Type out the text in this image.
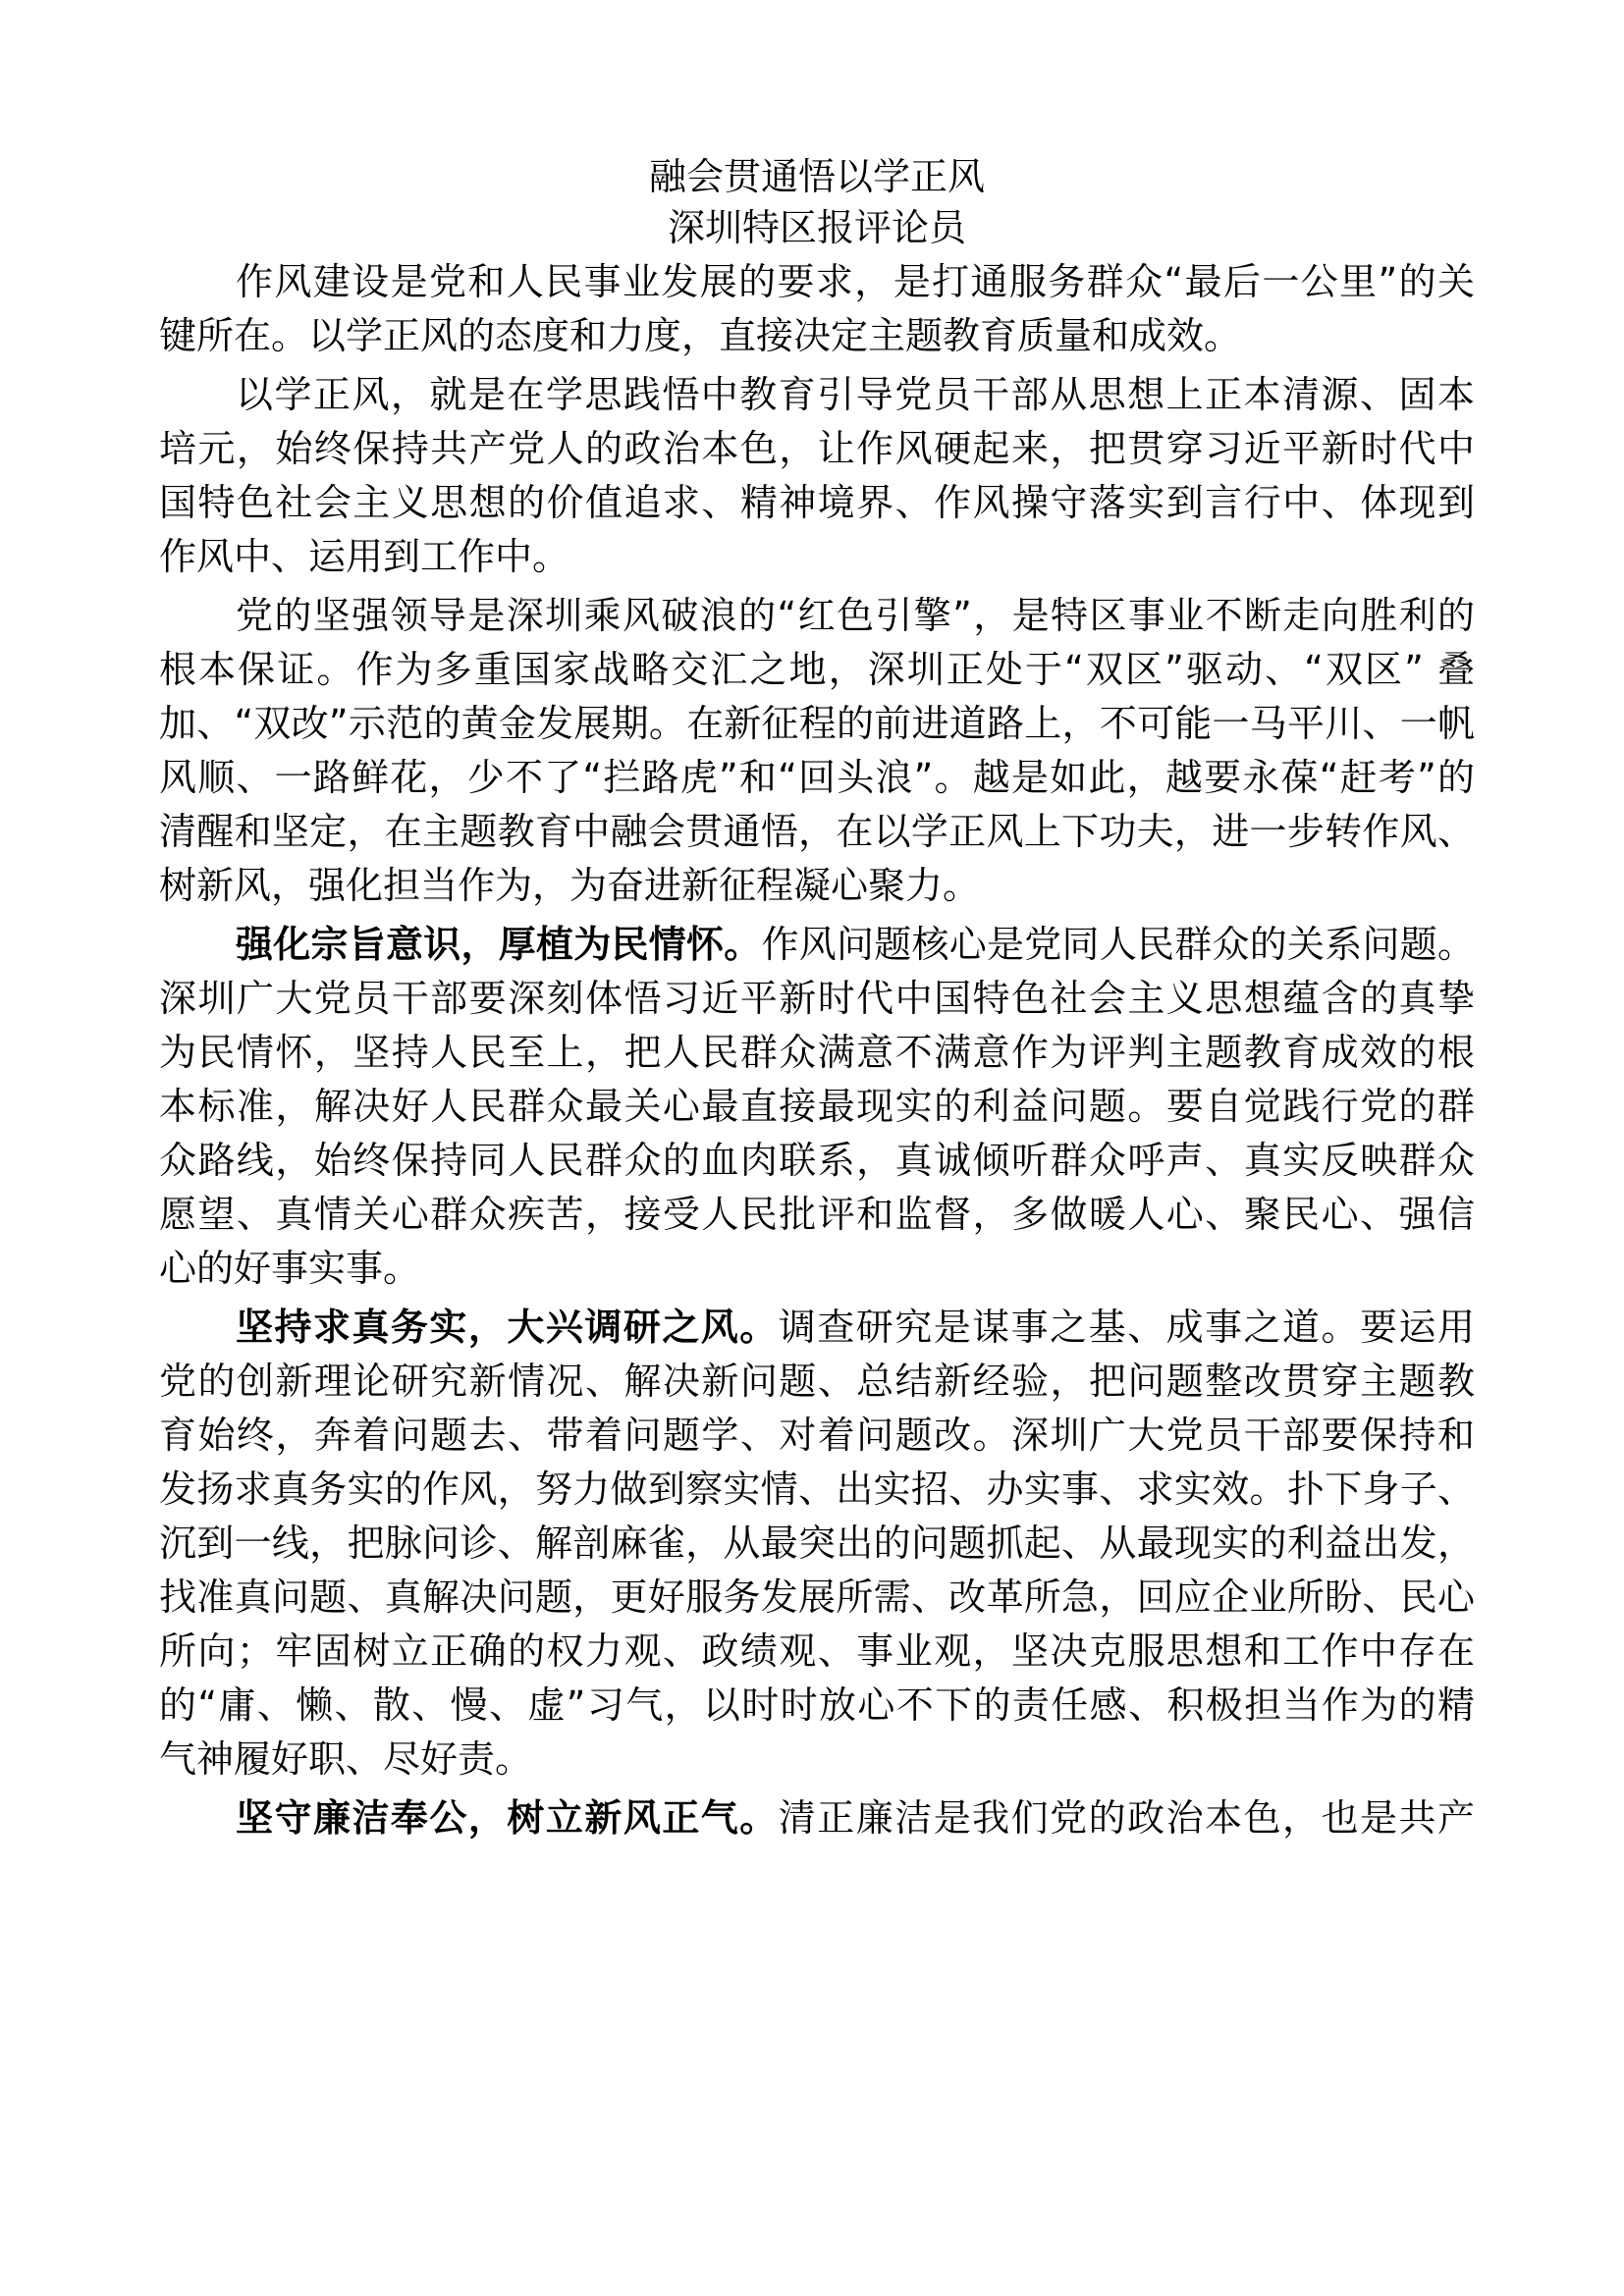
融会贯通悟以学正风
深圳特区报评论员
作风建设是党和人民事业发展的要求，是打通服务群众“最后一公里”的关
键所在。以学正风的态度和力度，直接决定主题教育质量和成效。
以学正风，就是在学思践悟中教育引导党员干部从思想上正本清源、固本
培元，始终保持共产党人的政治本色，让作风硬起来，把贯穿习近平新时代中
国特色社会主义思想的价值追求、精神境界、作风操守落实到言行中、体现到
作风中、运用到工作中。
党的坚强领导是深圳乘风破浪的“红色引擎”，是特区事业不断走向胜利的
根本保证。作为多重国家战略交汇之地，深圳正处于“双区”驱动、“双区” 叠
加、“双改”示范的黄金发展期。在新征程的前进道路上，不可能一马平川、一帆
风顺、一路鲜花，少不了“拦路虎”和“回头浪”。越是如此，越要永葆“赶考”的
清醒和坚定，在主题教育中融会贯通悟，在以学正风上下功夫，进一步转作风、
树新风，强化担当作为，为奋进新征程凝心聚力。
强化宗旨意识，厚植为民情怀。作风问题核心是党同人民群众的关系问题。
深圳广大党员干部要深刻体悟习近平新时代中国特色社会主义思想蕴含的真挚
为民情怀，坚持人民至上，把人民群众满意不满意作为评判主题教育成效的根
本标准，解决好人民群众最关心最直接最现实的利益问题。要自觉践行党的群
众路线，始终保持同人民群众的血肉联系，真诚倾听群众呼声、真实反映群众
愿望、真情关心群众疾苦，接受人民批评和监督，多做暖人心、聚民心、强信
心的好事实事。
坚持求真务实，大兴调研之风。调查研究是谋事之基、成事之道。要运用
党的创新理论研究新情况、解决新问题、总结新经验，把问题整改贯穿主题教
育始终，奔着问题去、带着问题学、对着问题改。深圳广大党员干部要保持和
发扬求真务实的作风，努力做到察实情、出实招、办实事、求实效。扑下身子、
沉到一线，把脉问诊、解剖麻雀，从最突出的问题抓起、从最现实的利益出发，
找准真问题、真解决问题，更好服务发展所需、改革所急，回应企业所盼、民心
所向；牢固树立正确的权力观、政绩观、事业观，坚决克服思想和工作中存在
的“庸、懒、散、慢、虚”习气，以时时放心不下的责任感、积极担当作为的精
气神履好职、尽好责。
坚守廉洁奉公，树立新风正气。清正廉洁是我们党的政治本色，也是共产
